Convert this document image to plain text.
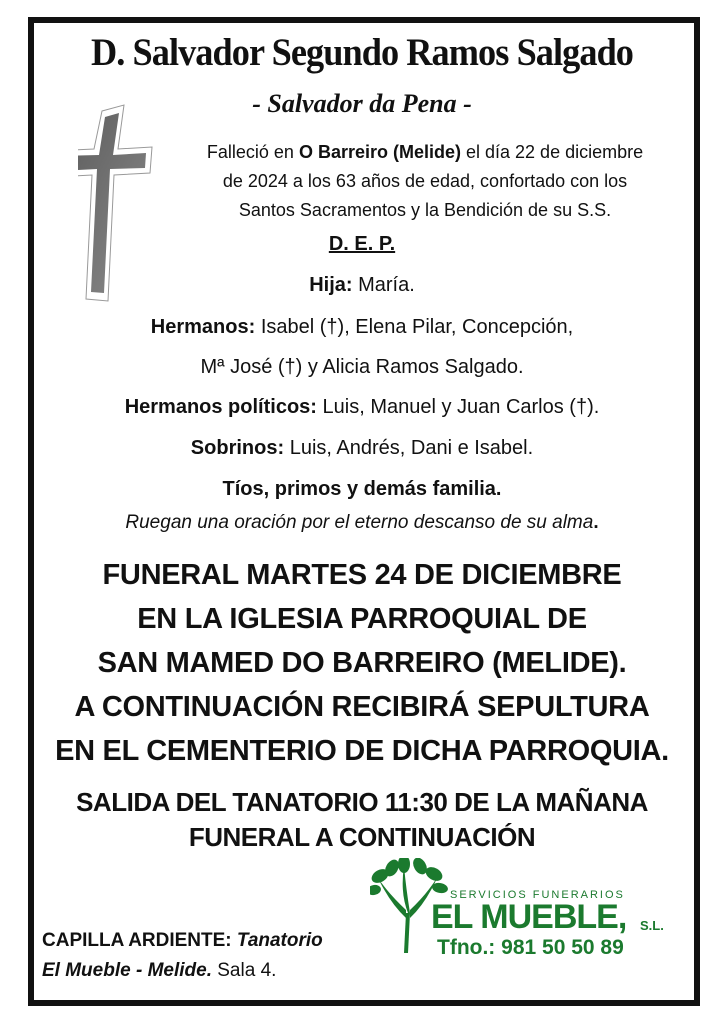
D. Salvador Segundo Ramos Salgado
- Salvador da Pena -
Falleció en O Barreiro (Melide) el día 22 de diciembre
de 2024 a los 63 años de edad, confortado con los
Santos Sacramentos y la Bendición de su S.S.
D. E. P.
Hija: María.
Hermanos: Isabel (†), Elena Pilar, Concepción,
Mª José (†) y Alicia Ramos Salgado.
Hermanos políticos: Luis, Manuel y Juan Carlos (†).
Sobrinos: Luis, Andrés, Dani e Isabel.
Tíos, primos y demás familia.
Ruegan una oración por el eterno descanso de su alma.
FUNERAL MARTES 24 DE DICIEMBRE
EN LA IGLESIA PARROQUIAL DE
SAN MAMED DO BARREIRO (MELIDE).
A CONTINUACIÓN RECIBIRÁ SEPULTURA
EN EL CEMENTERIO DE DICHA PARROQUIA.
SALIDA DEL TANATORIO 11:30 DE LA MAÑANA
FUNERAL A CONTINUACIÓN
CAPILLA ARDIENTE: Tanatorio
El Mueble - Melide. Sala 4.
SERVICIOS FUNERARIOS
EL MUEBLE, S.L.
Tfno.: 981 50 50 89
